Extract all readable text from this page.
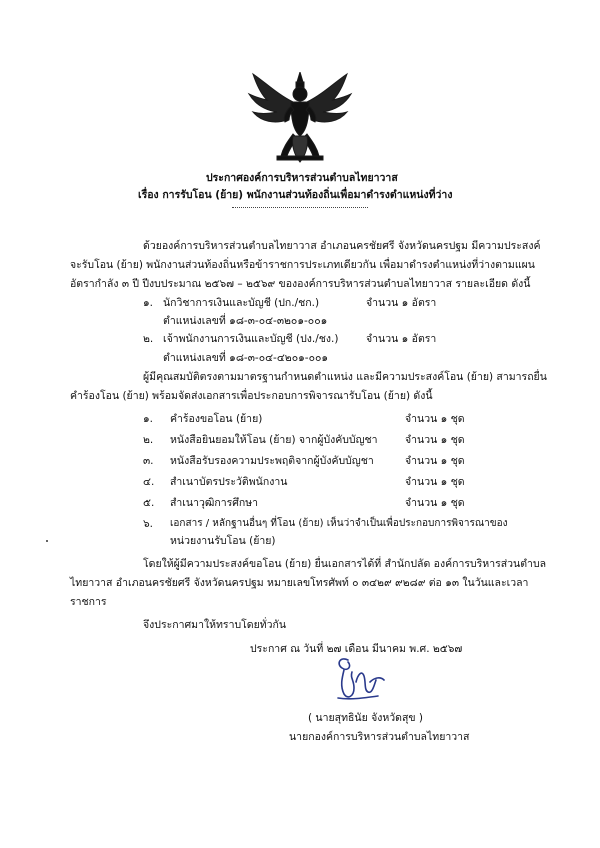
ประกาศองค์การบริหารส่วนตำบลไทยาวาส
เรื่อง การรับโอน (ย้าย) พนักงานส่วนท้องถิ่นเพื่อมาดำรงตำแหน่งที่ว่าง
ด้วยองค์การบริหารส่วนตำบลไทยาวาส อำเภอนครชัยศรี จังหวัดนครปฐม มีความประสงค์
จะรับโอน (ย้าย) พนักงานส่วนท้องถิ่นหรือข้าราชการประเภทเดียวกัน เพื่อมาดำรงตำแหน่งที่ว่างตามแผน
อัตรากำลัง ๓ ปี ปีงบประมาณ ๒๕๖๗ – ๒๕๖๙ ขององค์การบริหารส่วนตำบลไทยาวาส รายละเอียด ดังนี้
๑. นักวิชาการเงินและบัญชี (ปก./ชก.)	จำนวน ๑ อัตรา
ตำแหน่งเลขที่ ๑๘-๓-๐๔-๓๒๐๑-๐๐๑
๒. เจ้าพนักงานการเงินและบัญชี (ปง./ชง.)	จำนวน ๑ อัตรา
ตำแหน่งเลขที่ ๑๘-๓-๐๔-๔๒๐๑-๐๐๑
ผู้มีคุณสมบัติตรงตามมาตรฐานกำหนดตำแหน่ง และมีความประสงค์โอน (ย้าย) สามารถยื่น
คำร้องโอน (ย้าย) พร้อมจัดส่งเอกสารเพื่อประกอบการพิจารณารับโอน (ย้าย) ดังนี้
๑. คำร้องขอโอน (ย้าย)	จำนวน ๑ ชุด
๒. หนังสือยินยอมให้โอน (ย้าย) จากผู้บังคับบัญชา	จำนวน ๑ ชุด
๓. หนังสือรับรองความประพฤติจากผู้บังคับบัญชา	จำนวน ๑ ชุด
๔. สำเนาบัตรประวัติพนักงาน	จำนวน ๑ ชุด
๕. สำเนาวุฒิการศึกษา	จำนวน ๑ ชุด
๖. เอกสาร / หลักฐานอื่นๆ ที่โอน (ย้าย) เห็นว่าจำเป็นเพื่อประกอบการพิจารณาของ
หน่วยงานรับโอน (ย้าย)
โดยให้ผู้มีความประสงค์ขอโอน (ย้าย) ยื่นเอกสารได้ที่ สำนักปลัด องค์การบริหารส่วนตำบล
ไทยาวาส อำเภอนครชัยศรี จังหวัดนครปฐม หมายเลขโทรศัพท์ ๐ ๓๔๒๙ ๙๒๘๙ ต่อ ๑๓ ในวันและเวลา
ราชการ
จึงประกาศมาให้ทราบโดยทั่วกัน
ประกาศ ณ วันที่ ๒๗ เดือน มีนาคม พ.ศ. ๒๕๖๗
( นายสุทธินัย จังหวัดสุข )
นายกองค์การบริหารส่วนตำบลไทยาวาส
